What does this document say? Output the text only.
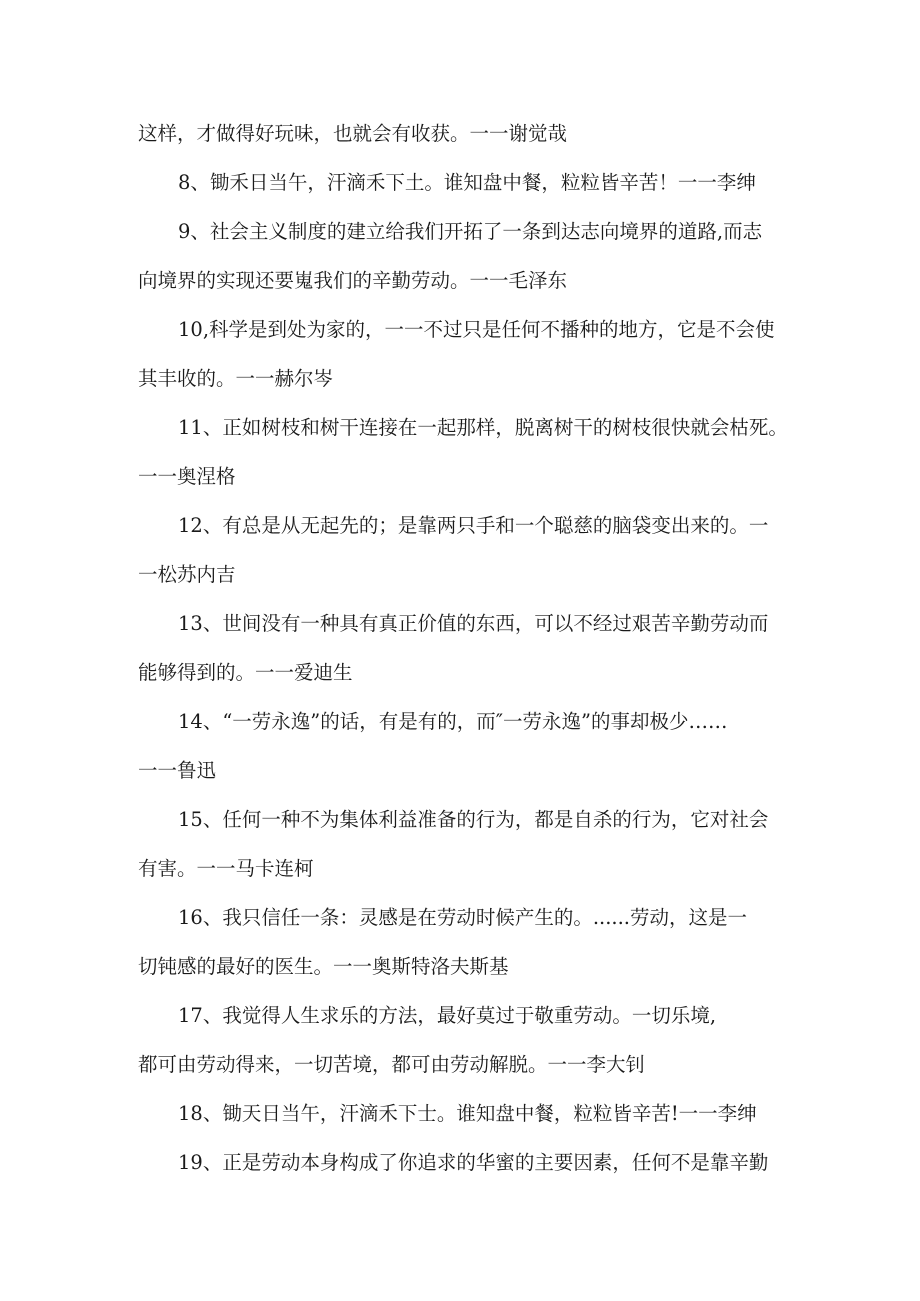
这样，才做得好玩味，也就会有收获。一一谢觉哉
8、锄禾日当午，汗滴禾下土。谁知盘中餐，粒粒皆辛苦！一一李绅
9、社会主义制度的建立给我们开拓了一条到达志向境界的道路,而志
向境界的实现还要嵬我们的辛勤劳动。一一毛泽东
10,科学是到处为家的，一一不过只是任何不播种的地方，它是不会使
其丰收的。一一赫尔岑
11、正如树枝和树干连接在一起那样，脱离树干的树枝很快就会枯死。
一一奥涅格
12、有总是从无起先的；是靠两只手和一个聪慈的脑袋变出来的。一
一松苏内吉
13、世间没有一种具有真正价值的东西，可以不经过艰苦辛勤劳动而
能够得到的。一一爱迪生
14、“一劳永逸”的话，有是有的，而″一劳永逸”的事却极少……
一一鲁迅
15、任何一种不为集体利益准备的行为，都是自杀的行为，它对社会
有害。一一马卡连柯
16、我只信任一条：灵感是在劳动时候产生的。......劳动，这是一
切钝感的最好的医生。一一奥斯特洛夫斯基
17、我觉得人生求乐的方法，最好莫过于敬重劳动。一切乐境,
都可由劳动得来，一切苦境，都可由劳动解脱。一一李大钊
18、锄天日当午，汗滴禾下士。谁知盘中餐，粒粒皆辛苦!一一李绅
19、正是劳动本身构成了你追求的华蜜的主要因素，任何不是靠辛勤
